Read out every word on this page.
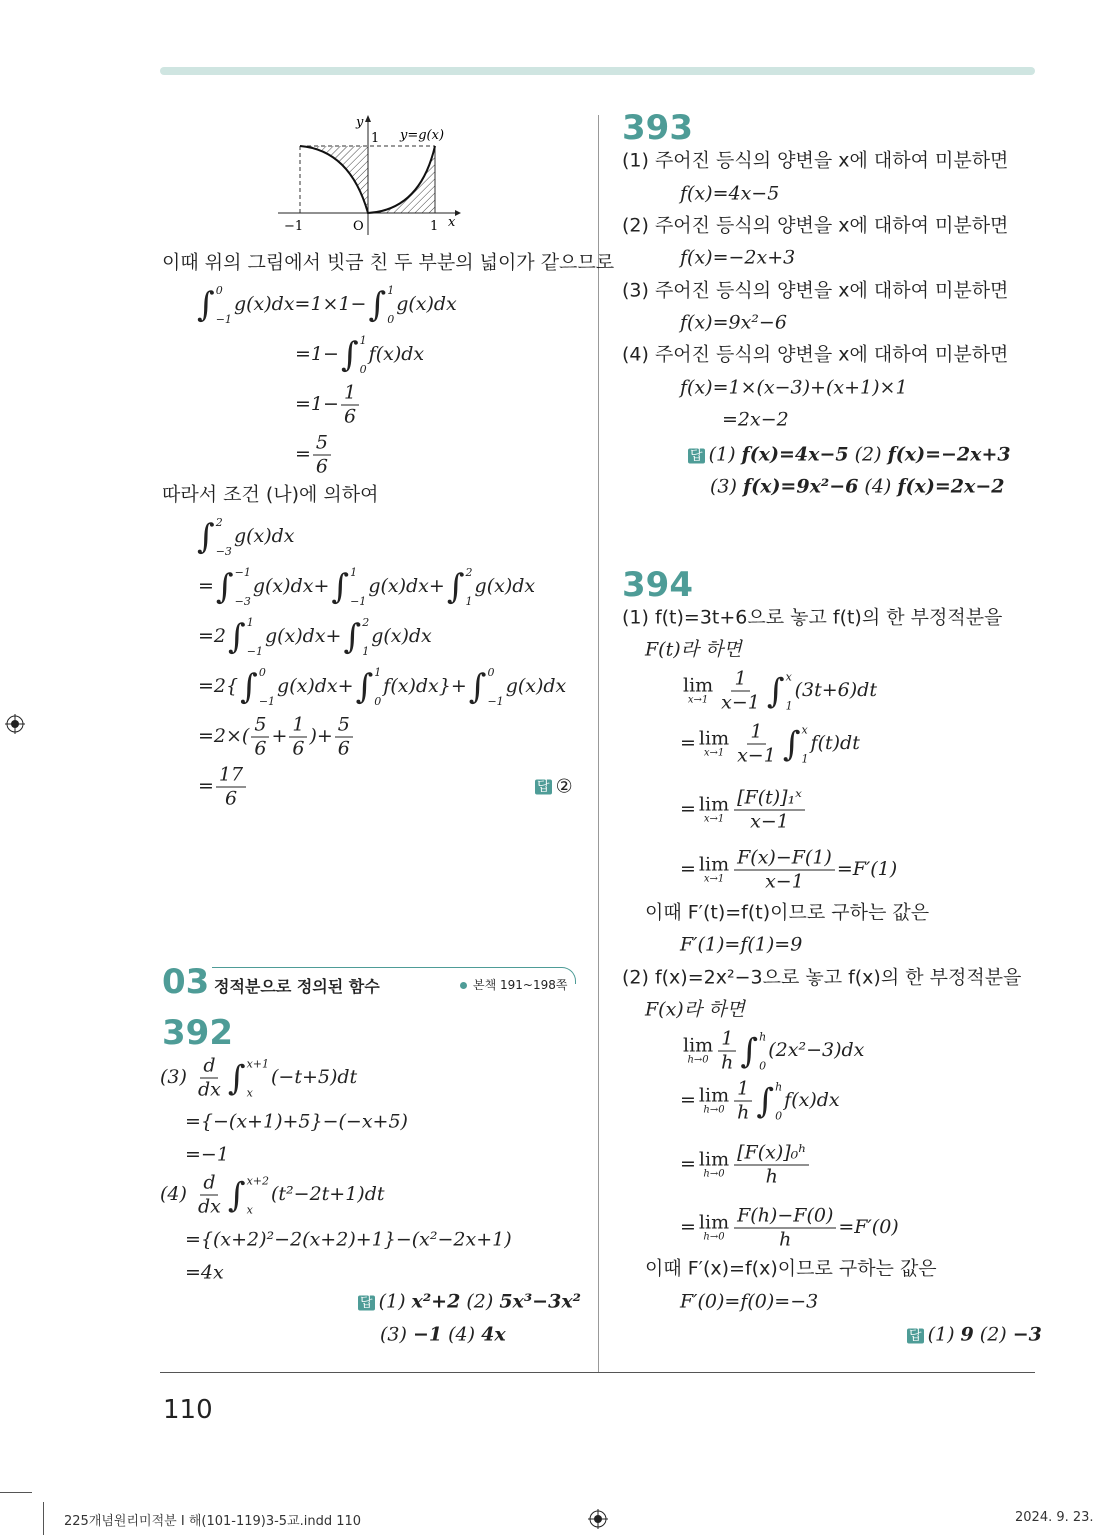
y
1 y=g(x)
−1	O	1 x
이때 위의 그림에서 빗금 친 두 부분의 넓이가 같으므로
∫ 0
−1
g(x)dx=1×1− ∫ 1
0
g(x)dx
=1− ∫ 1
0
f(x)dx
$=1- \frac{1}{6}$
= $\frac{5}{6}$
따라서 조건 (나)에 의하여
∫ 2
−3
g(x)dx
= ∫ −1
−3
g(x)dx+ ∫ 1
−1
g(x)dx+ ∫ 2
1
g(x)dx
=2 ∫ 1
−1
g(x)dx+ ∫ 2
1
g(x)dx
=2{ ∫ 0
−1
g(x)dx+ ∫ 1
0
f(x)dx}+ ∫ 0
−1
g(x)dx
$=2\times( \frac{5}{6} + \frac{1}{6}$ )+ $\frac{5}{6}$
= $\frac{17}{6}$	답 ②
03 정적분으로 정의된 함수	본책 191~198쪽
392
$(3) \frac{d}{dx}$ ∫ x+1
x
(−t+5)dt
={−(x+1)+5}−(−x+5)
=−1
$(4) \frac{d}{dx}$ ∫ x+2
x
(t²−2t+1)dt
={(x+2)²−2(x+2)+1}−(x²−2x+1)
=4x
답 (1) x²+2 (2) 5x³−3x²
(3) −1 (4) 4x
393
(1) 주어진 등식의 양변을 x에 대하여 미분하면
f(x)=4x−5
(2) 주어진 등식의 양변을 x에 대하여 미분하면
f(x)=−2x+3
(3) 주어진 등식의 양변을 x에 대하여 미분하면
f(x)=9x²−6
(4) 주어진 등식의 양변을 x에 대하여 미분하면
f(x)=1×(x−3)+(x+1)×1
=2x−2
답 (1) f(x)=4x−5 (2) f(x)=−2x+3
(3) f(x)=9x²−6 (4) f(x)=2x−2
394
(1) f(t)=3t+6으로 놓고 f(t)의 한 부정적분을
F(t)라 하면
lim
$x\to 1 \frac{1}{x-1}$ ∫ x
1
(3t+6)dt
= lim
$x\to 1 \frac{1}{x-1}$ ∫ x
1
f(t)dt
= lim
$x\to 1 \frac{\text{[F(t)]₁ˣ}}{x-1}$
= lim
$x\to 1 \frac{F(x)-F(1)}{x-1} =F'(1)$
이때 F′(t)=f(t)이므로 구하는 값은
F′(1)=f(1)=9
(2) f(x)=2x²−3으로 놓고 f(x)의 한 부정적분을
F(x)라 하면
lim
$h\to 0 \frac{1}{h}$ ∫ h
0
(2x²−3)dx
= lim
$h\to 0 \frac{1}{h}$ ∫ h
0
f(x)dx
= lim
$h\to 0 \frac{\text{[F(x)]₀ʰ}}{h}$
= lim
$h\to 0 \frac{F(h)-F(0)}{h} =F'(0)$
이때 F′(x)=f(x)이므로 구하는 값은
F′(0)=f(0)=−3
답 (1) 9 (2) −3
110
225개념원리미적분 I 해(101-119)3-5교.indd 110	2024. 9. 23.
